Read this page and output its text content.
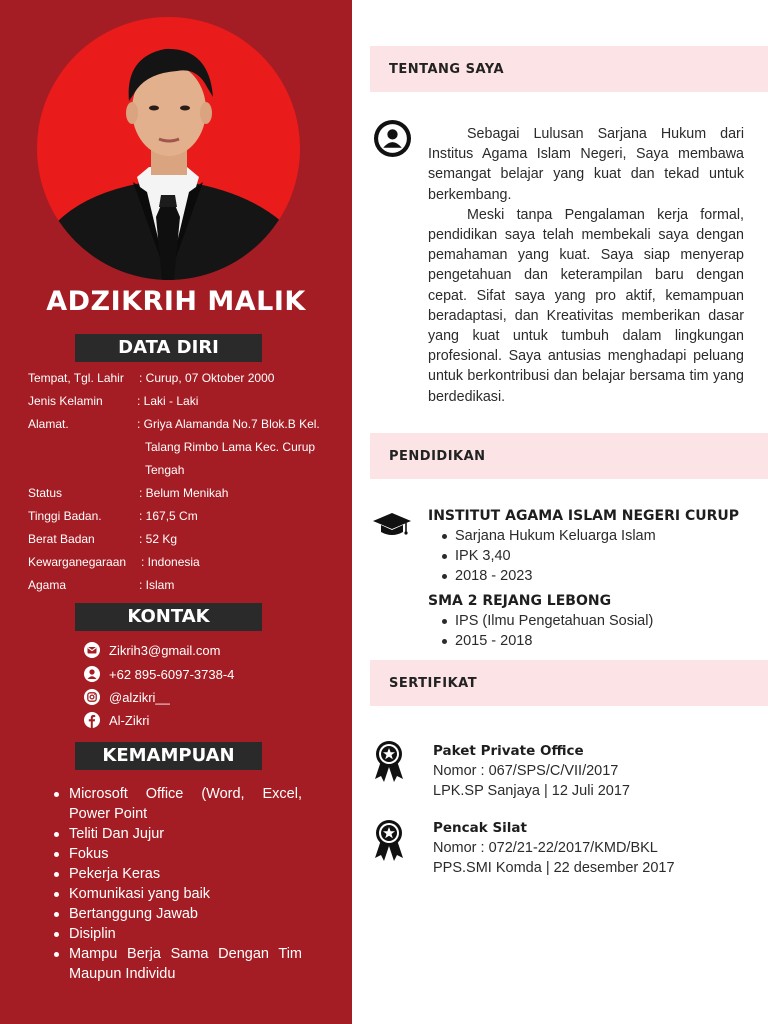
ADZIKRIH MALIK
DATA DIRI
Tempat, Tgl. Lahir : Curup, 07 Oktober 2000
Jenis Kelamin	: Laki - Laki
Alamat.	: Griya Alamanda No.7 Blok.B Kel.
Talang Rimbo Lama Kec. Curup
Tengah
Status	: Belum Menikah
Tinggi Badan.	: 167,5 Cm
Berat Badan	: 52 Kg
Kewarganegaraan : Indonesia
Agama	: Islam
KONTAK
Zikrih3@gmail.com
+62 895-6097-3738-4
@alzikri__
Al-Zikri
KEMAMPUAN
Microsoft Office (Word, Excel, Power Point
Teliti Dan Jujur
Fokus
Pekerja Keras
Komunikasi yang baik
Bertanggung Jawab
Disiplin
Mampu Berja Sama Dengan Tim Maupun Individu
TENTANG SAYA

Sebagai Lulusan Sarjana Hukum dari Institus Agama Islam Negeri, Saya membawa semangat belajar yang kuat dan tekad untuk berkembang.

Meski tanpa Pengalaman kerja formal, pendidikan saya telah membekali saya dengan pemahaman yang kuat. Saya siap menyerap pengetahuan dan keterampilan baru dengan cepat. Sifat saya yang pro aktif, kemampuan beradaptasi, dan Kreativitas memberikan dasar yang kuat untuk tumbuh dalam lingkungan profesional. Saya antusias menghadapi peluang untuk berkontribusi dan belajar bersama tim yang berdedikasi.

PENDIDIKAN
INSTITUT AGAMA ISLAM NEGERI CURUP
Sarjana Hukum Keluarga Islam
IPK 3,40
2018 - 2023
SMA 2 REJANG LEBONG
IPS (Ilmu Pengetahuan Sosial)
2015 - 2018
SERTIFIKAT
Paket Private Office
Nomor : 067/SPS/C/VII/2017
LPK.SP Sanjaya | 12 Juli 2017
Pencak Silat
Nomor : 072/21-22/2017/KMD/BKL
PPS.SMI Komda | 22 desember 2017
